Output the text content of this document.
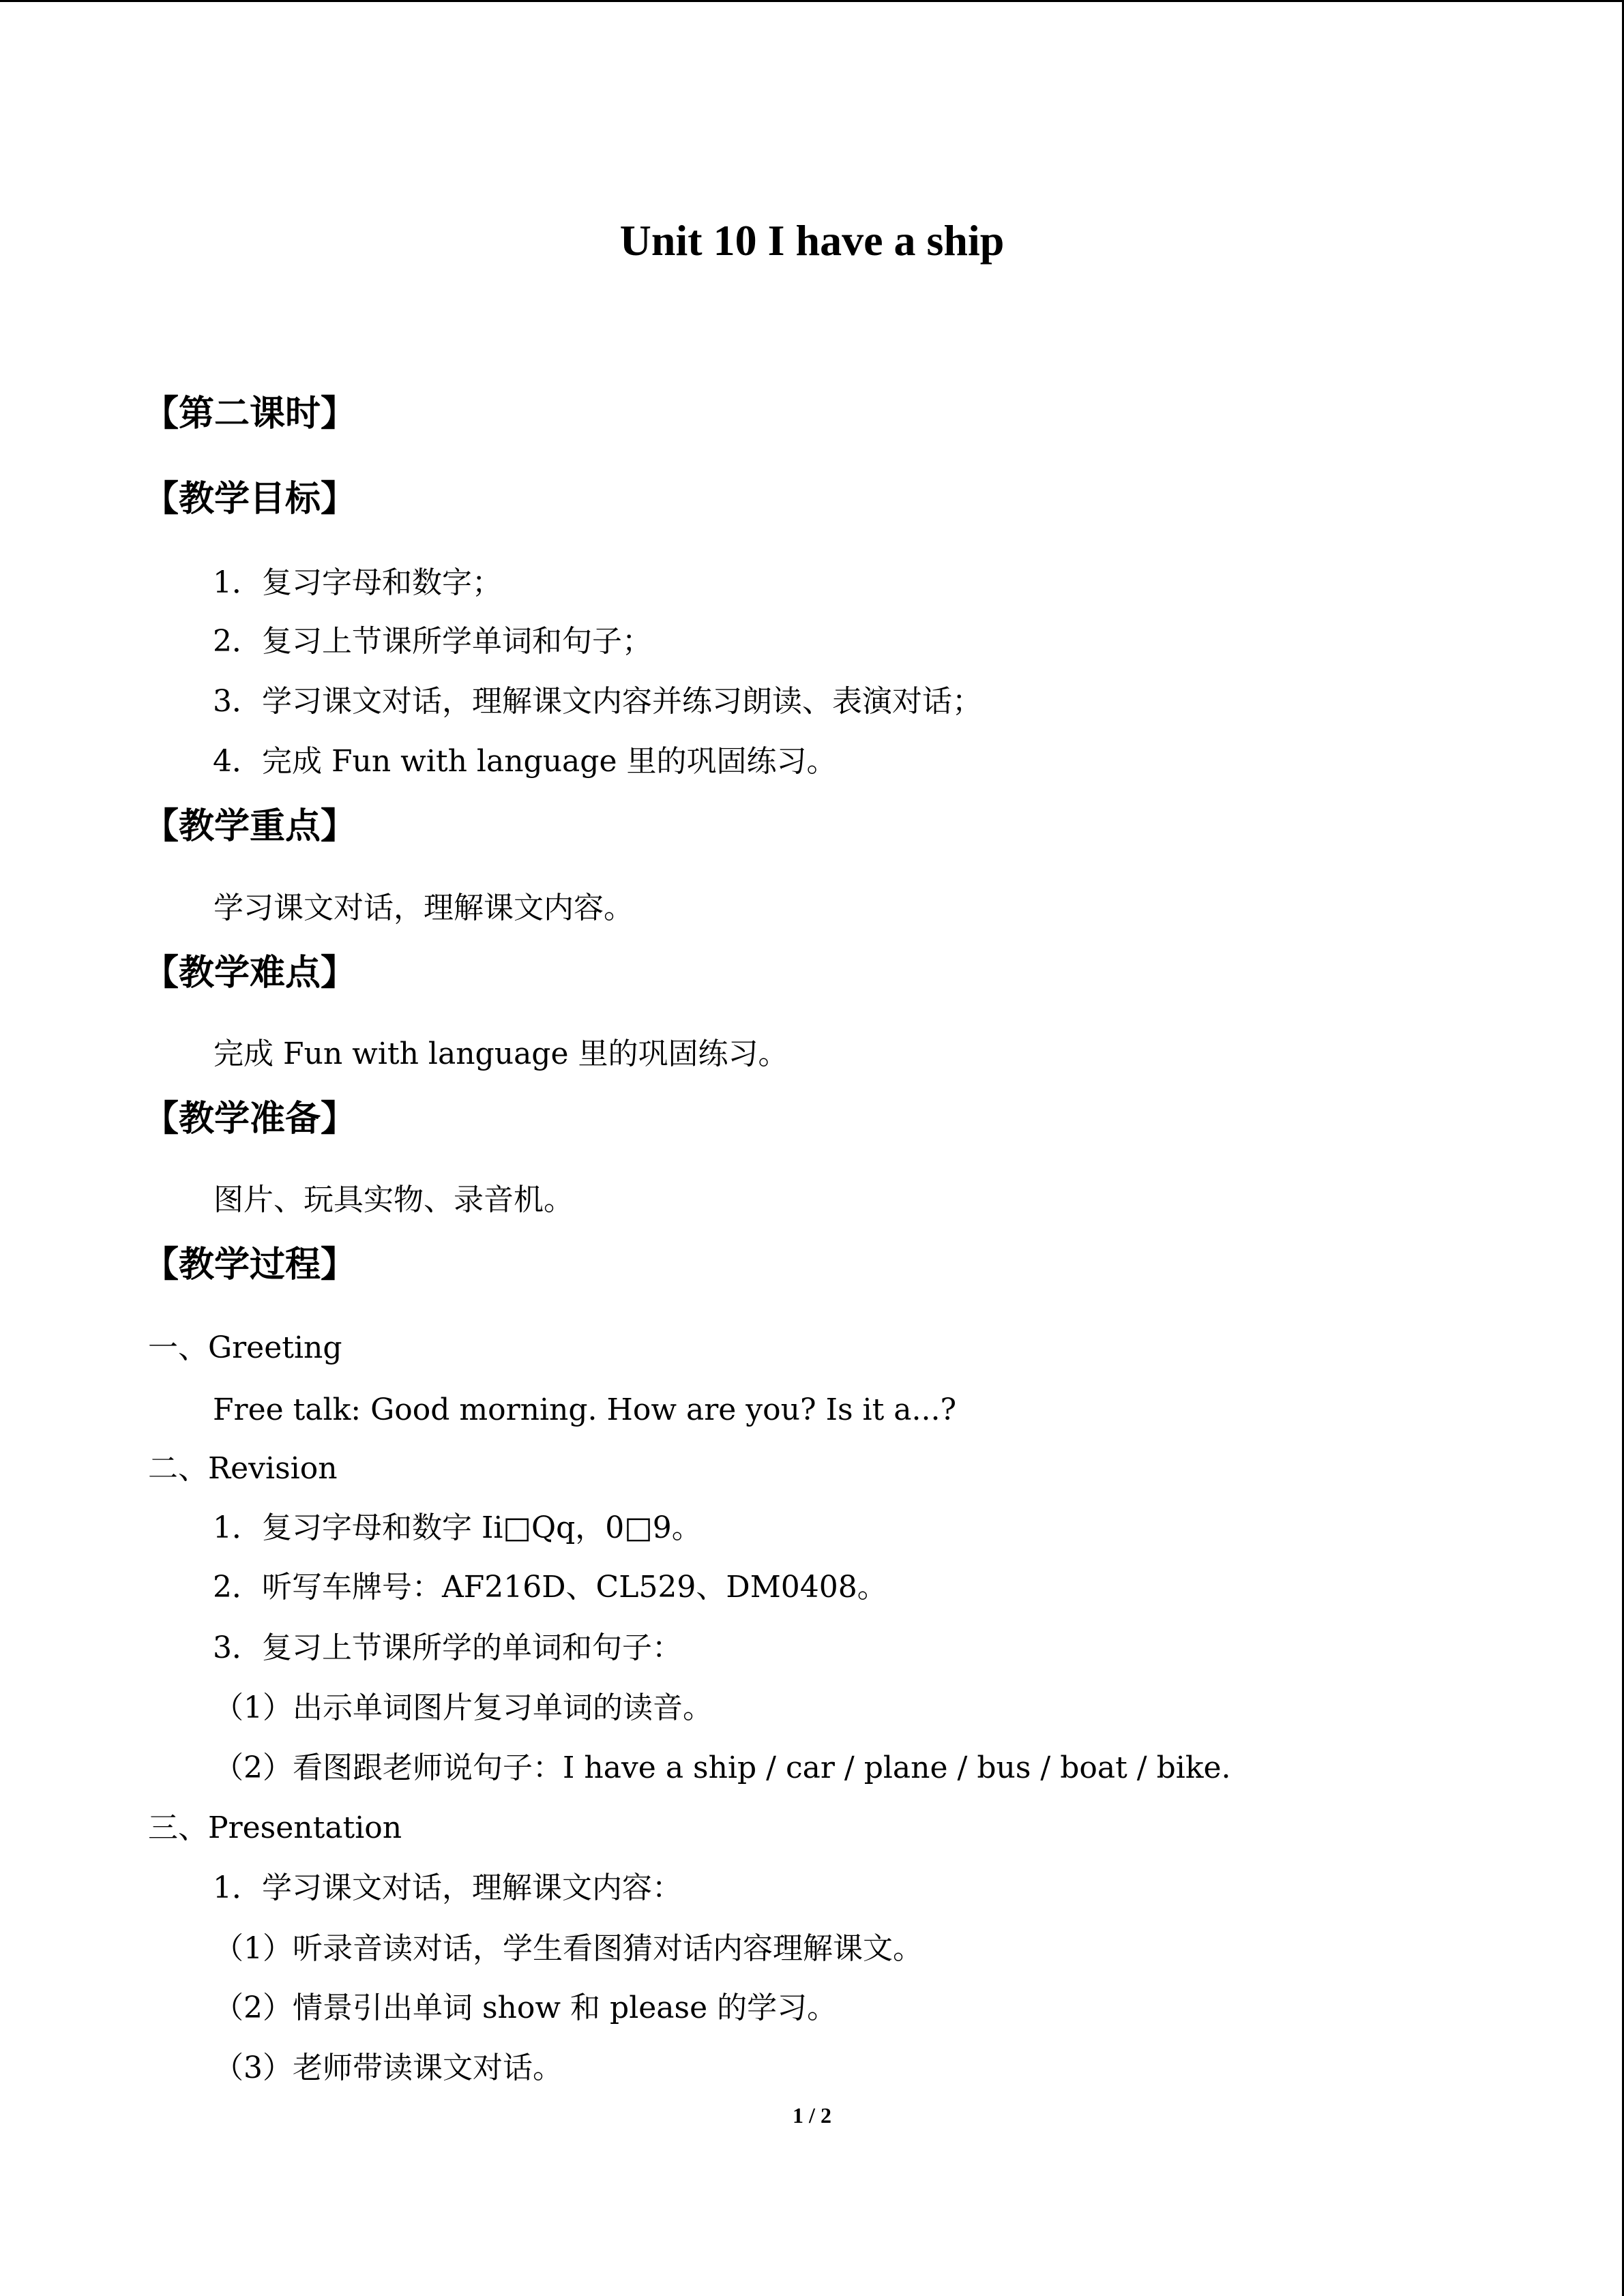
Unit 10 I have a ship
【第二课时】
【教学目标】
1．复习字母和数字；
2．复习上节课所学单词和句子；
3．学习课文对话，理解课文内容并练习朗读、表演对话；
4．完成 Fun with language 里的巩固练习。
【教学重点】
学习课文对话，理解课文内容。
【教学难点】
完成 Fun with language 里的巩固练习。
【教学准备】
图片、玩具实物、录音机。
【教学过程】
一、Greeting
Free talk: Good morning. How are you? Is it a...?
二、Revision
1．复习字母和数字 Ii□Qq，0□9。
2．听写车牌号：AF216D、CL529、DM0408。
3．复习上节课所学的单词和句子：
（1）出示单词图片复习单词的读音。
（2）看图跟老师说句子：I have a ship / car / plane / bus / boat / bike.
三、Presentation
1．学习课文对话，理解课文内容：
（1）听录音读对话，学生看图猜对话内容理解课文。
（2）情景引出单词 show 和 please 的学习。
（3）老师带读课文对话。
1 / 2
